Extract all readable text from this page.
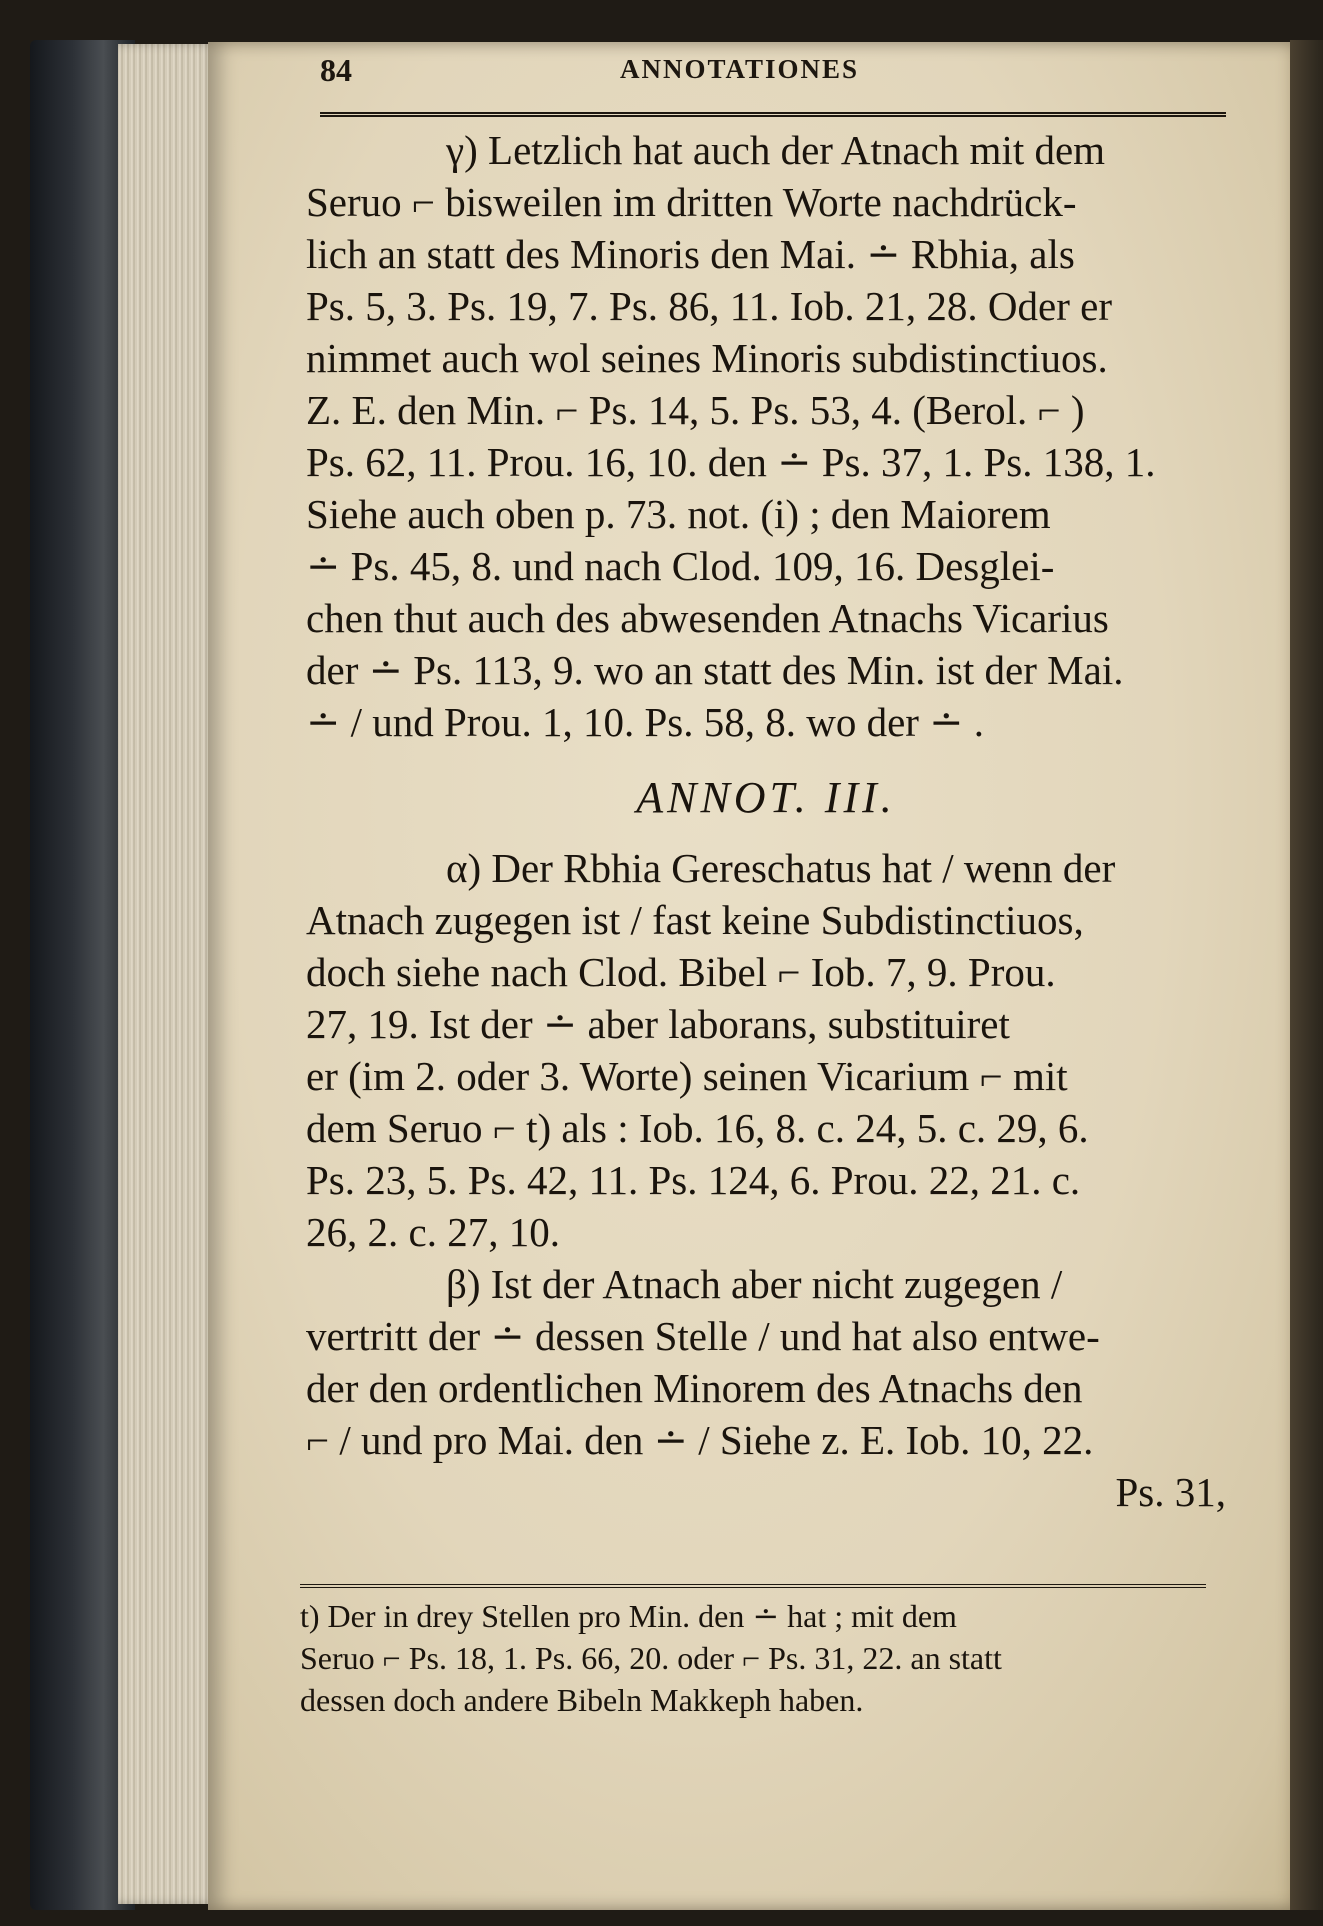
84	ANNOTATIONES
γ) Letzlich hat auch der Atnach mit dem
Seruo ⌐ bisweilen im dritten Worte nachdrück-
lich an statt des Minoris den Mai. ∸ Rbhia, als
Ps. 5, 3. Ps. 19, 7. Ps. 86, 11. Iob. 21, 28. Oder er
nimmet auch wol seines Minoris subdistinctiuos.
Z. E. den Min. ⌐ Ps. 14, 5. Ps. 53, 4. (Berol. ⌐ )
Ps. 62, 11. Prou. 16, 10. den ∸ Ps. 37, 1. Ps. 138, 1.
Siehe auch oben p. 73. not. (i) ; den Maiorem
∸ Ps. 45, 8. und nach Clod. 109, 16. Desglei-
chen thut auch des abwesenden Atnachs Vicarius
der ∸ Ps. 113, 9. wo an statt des Min. ist der Mai.
∸ / und Prou. 1, 10. Ps. 58, 8. wo der ∸ .
ANNOT. III.
α) Der Rbhia Gereschatus hat / wenn der
Atnach zugegen ist / fast keine Subdistinctiuos,
doch siehe nach Clod. Bibel ⌐ Iob. 7, 9. Prou.
27, 19. Ist der ∸ aber laborans, substituiret
er (im 2. oder 3. Worte) seinen Vicarium ⌐ mit
dem Seruo ⌐ t) als : Iob. 16, 8. c. 24, 5. c. 29, 6.
Ps. 23, 5. Ps. 42, 11. Ps. 124, 6. Prou. 22, 21. c.
26, 2. c. 27, 10.
β) Ist der Atnach aber nicht zugegen /
vertritt der ∸ dessen Stelle / und hat also entwe-
der den ordentlichen Minorem des Atnachs den
⌐ / und pro Mai. den ∸ / Siehe z. E. Iob. 10, 22.
Ps. 31,
t) Der in drey Stellen pro Min. den ∸ hat ; mit dem
Seruo ⌐ Ps. 18, 1. Ps. 66, 20. oder ⌐ Ps. 31, 22. an statt
dessen doch andere Bibeln Makkeph haben.
